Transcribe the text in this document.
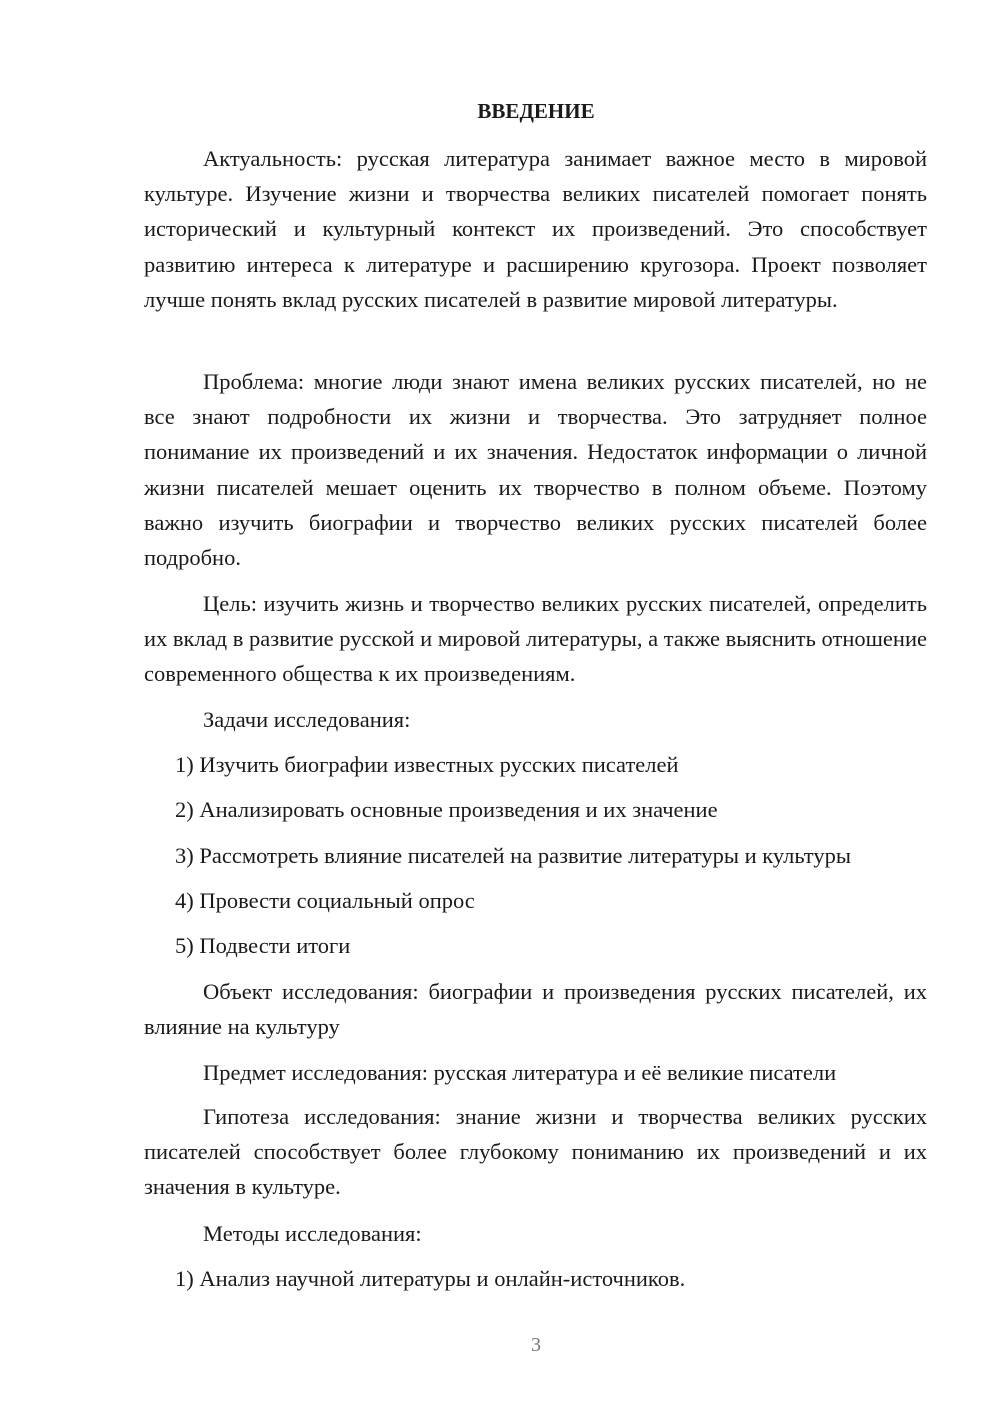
ВВЕДЕНИЕ

Актуальность: русская литература занимает важное место в мировой культуре. Изучение жизни и творчества великих писателей помогает понять исторический и культурный контекст их произведений. Это способствует развитию интереса к литературе и расширению кругозора. Проект позволяет лучше понять вклад русских писателей в развитие мировой литературы.

Проблема: многие люди знают имена великих русских писателей, но не все знают подробности их жизни и творчества. Это затрудняет полное понимание их произведений и их значения. Недостаток информации о личной жизни писателей мешает оценить их творчество в полном объеме. Поэтому важно изучить биографии и творчество великих русских писателей более подробно.

Цель: изучить жизнь и творчество великих русских писателей, определить их вклад в развитие русской и мировой литературы, а также выяснить отношение современного общества к их произведениям.

Задачи исследования:

1) Изучить биографии известных русских писателей

2) Анализировать основные произведения и их значение

3) Рассмотреть влияние писателей на развитие литературы и культуры

4) Провести социальный опрос

5) Подвести итоги

Объект исследования: биографии и произведения русских писателей, их влияние на культуру

Предмет исследования: русская литература и её великие писатели

Гипотеза исследования: знание жизни и творчества великих русских писателей способствует более глубокому пониманию их произведений и их значения в культуре.

Методы исследования:

1) Анализ научной литературы и онлайн-источников.

3
